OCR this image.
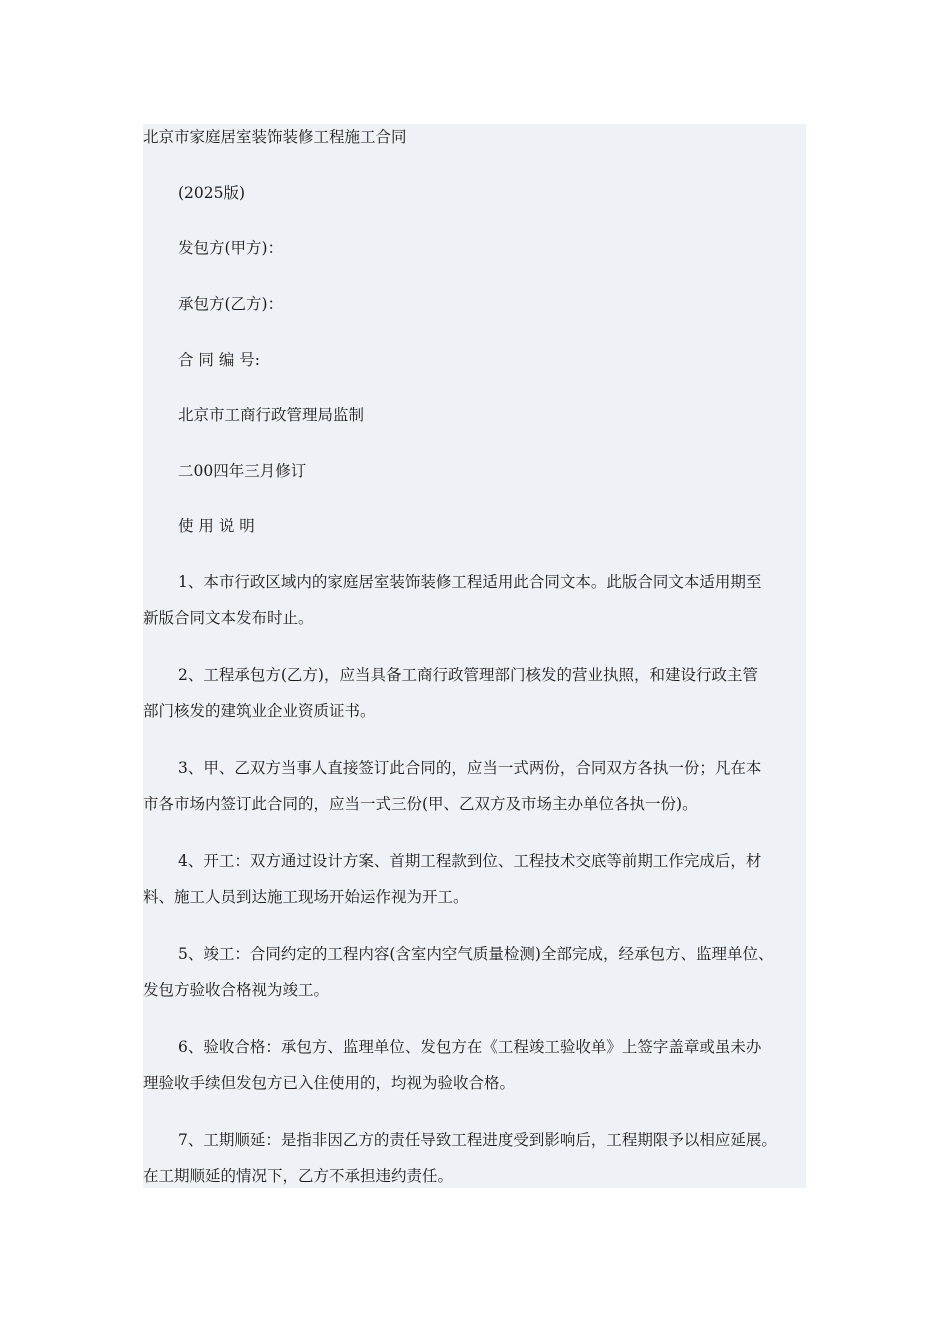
北京市家庭居室装饰装修工程施工合同
(2025版)
发包方(甲方)：
承包方(乙方)：
合 同 编 号:
北京市工商行政管理局监制
二00四年三月修订
使 用 说 明
1、本市行政区域内的家庭居室装饰装修工程适用此合同文本。此版合同文本适用期至
新版合同文本发布时止。
2、工程承包方(乙方)，应当具备工商行政管理部门核发的营业执照，和建设行政主管
部门核发的建筑业企业资质证书。
3、甲、乙双方当事人直接签订此合同的，应当一式两份，合同双方各执一份；凡在本
市各市场内签订此合同的，应当一式三份(甲、乙双方及市场主办单位各执一份)。
4、开工：双方通过设计方案、首期工程款到位、工程技术交底等前期工作完成后，材
料、施工人员到达施工现场开始运作视为开工。
5、竣工：合同约定的工程内容(含室内空气质量检测)全部完成，经承包方、监理单位、
发包方验收合格视为竣工。
6、验收合格：承包方、监理单位、发包方在《工程竣工验收单》上签字盖章或虽未办
理验收手续但发包方已入住使用的，均视为验收合格。
7、工期顺延：是指非因乙方的责任导致工程进度受到影响后，工程期限予以相应延展。
在工期顺延的情况下，乙方不承担违约责任。
